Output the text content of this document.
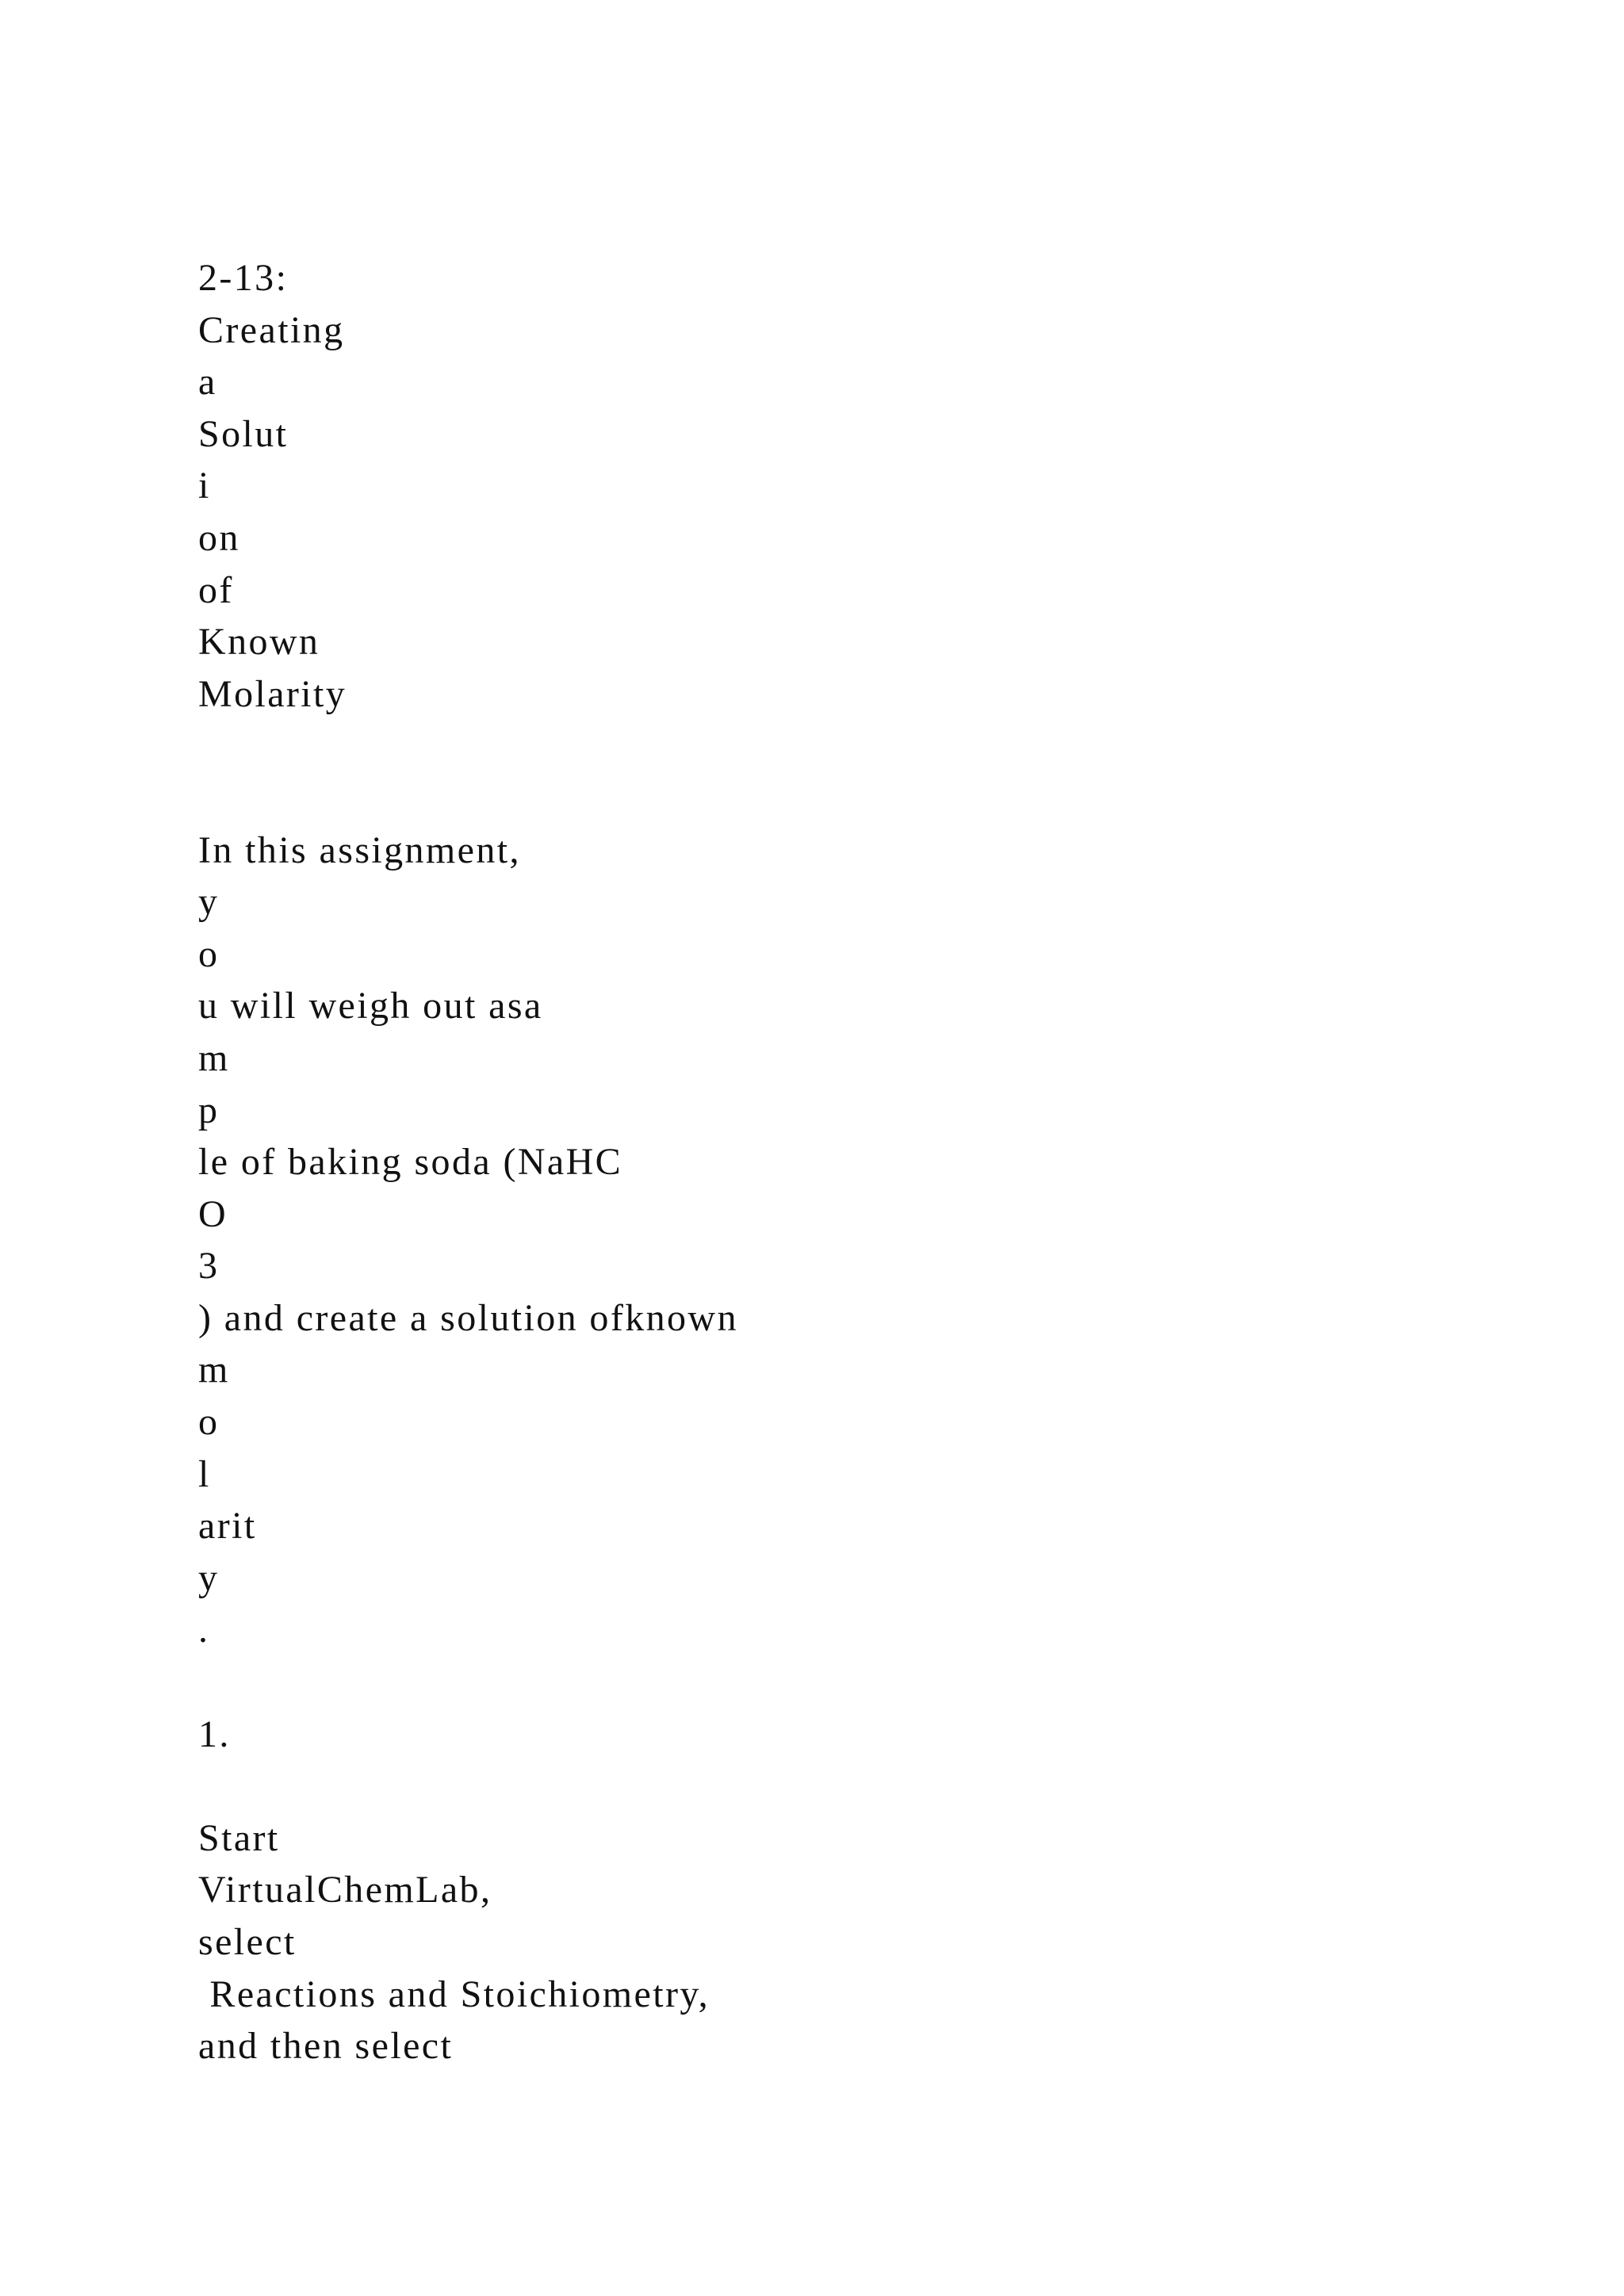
2-13:
Creating
a
Solut
i
on
of
Known
Molarity
In this assignment,
y
o
u will weigh out asa
m
p
le of baking soda (NaHC
O
3
) and create a solution ofknown
m
o
l
arit
y
.
1.
Start
VirtualChemLab,
select
Reactions and Stoichiometry,
and then select
